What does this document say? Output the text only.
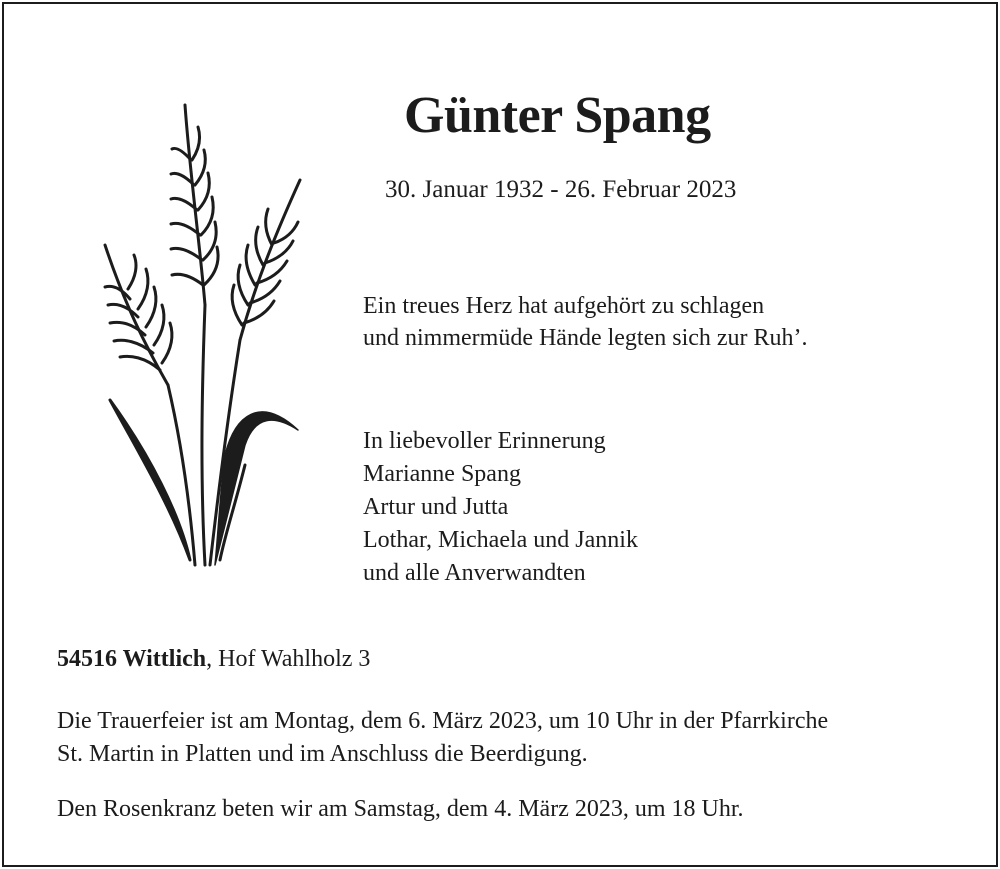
Günter Spang
30. Januar 1932 - 26. Februar 2023
Ein treues Herz hat aufgehört zu schlagen
und nimmermüde Hände legten sich zur Ruh’.
In liebevoller Erinnerung
Marianne Spang
Artur und Jutta
Lothar, Michaela und Jannik
und alle Anverwandten
54516 Wittlich, Hof Wahlholz 3
Die Trauerfeier ist am Montag, dem 6. März 2023, um 10 Uhr in der Pfarrkirche
St. Martin in Platten und im Anschluss die Beerdigung.
Den Rosenkranz beten wir am Samstag, dem 4. März 2023, um 18 Uhr.
